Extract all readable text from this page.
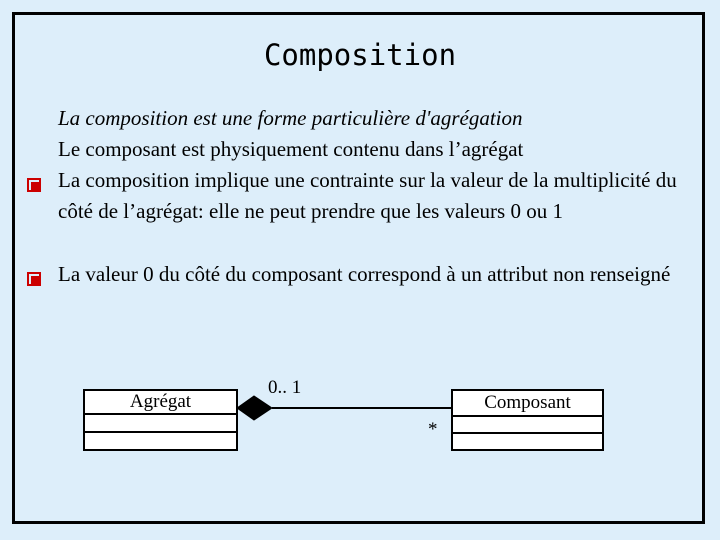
Composition
La composition est une forme particulière d'agrégation
Le composant est physiquement contenu dans l’agrégat
La composition implique une contrainte sur la valeur de la multiplicité du côté de l’agrégat: elle ne peut prendre que les valeurs 0 ou 1
La valeur 0 du côté du composant correspond à un attribut non renseigné
Agrégat	Composant
0.. 1
*
